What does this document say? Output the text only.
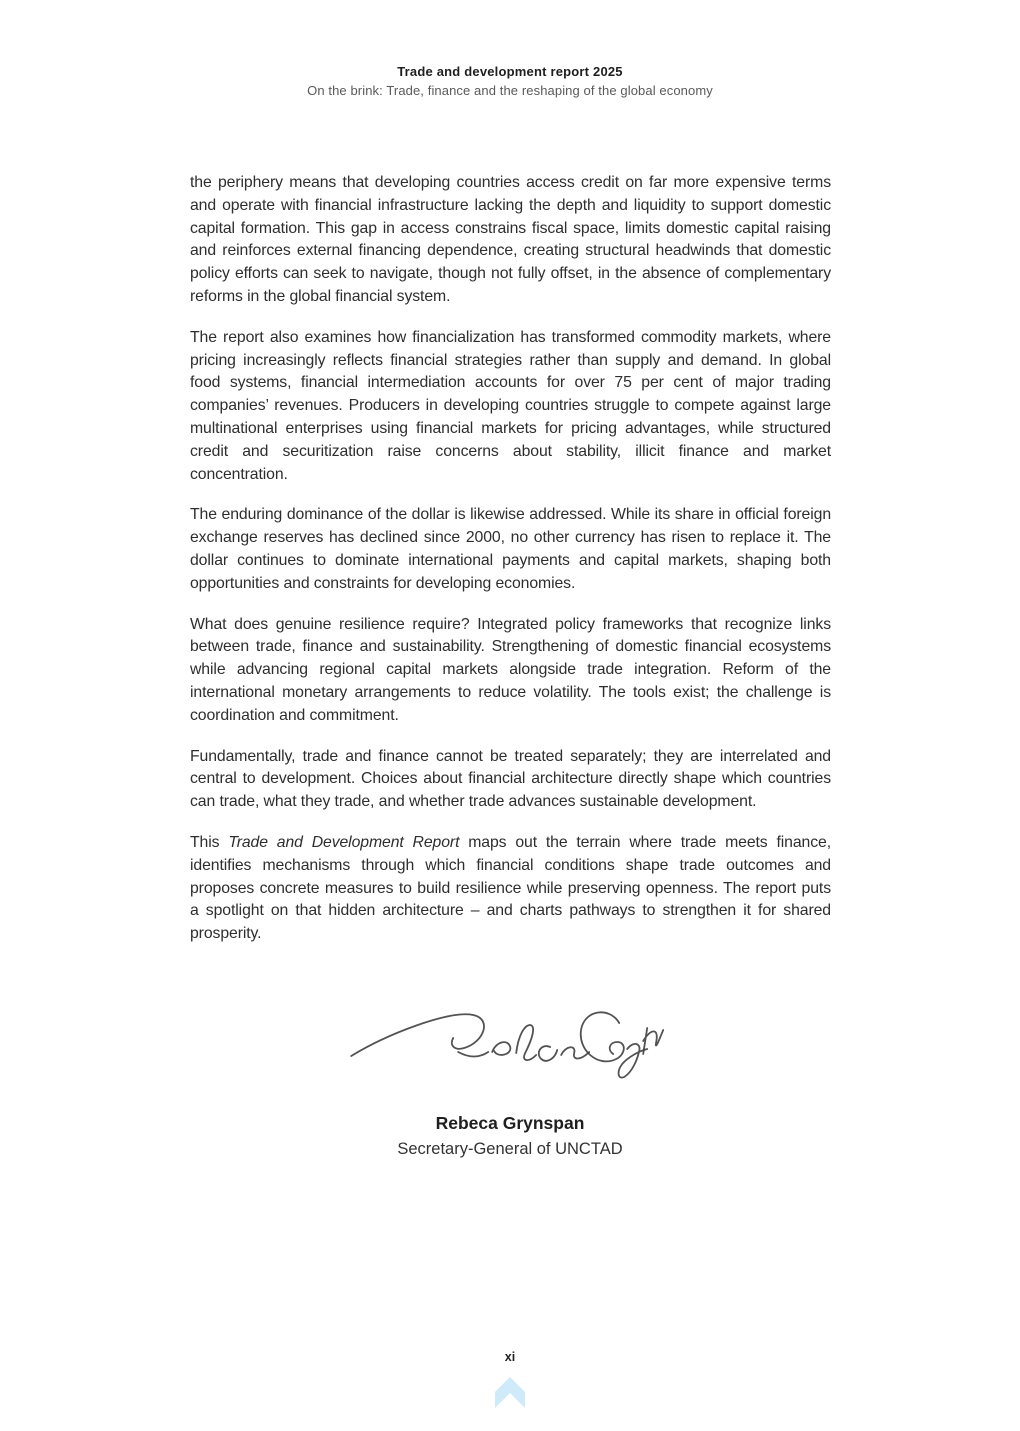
Trade and development report 2025
On the brink: Trade, finance and the reshaping of the global economy

the periphery means that developing countries access credit on far more expensive terms and operate with financial infrastructure lacking the depth and liquidity to support domestic capital formation. This gap in access constrains fiscal space, limits domestic capital raising and reinforces external financing dependence, creating structural headwinds that domestic policy efforts can seek to navigate, though not fully offset, in the absence of complementary reforms in the global financial system.

The report also examines how financialization has transformed commodity markets, where pricing increasingly reflects financial strategies rather than supply and demand. In global food systems, financial intermediation accounts for over 75 per cent of major trading companies’ revenues. Producers in developing countries struggle to compete against large multinational enterprises using financial markets for pricing advantages, while structured credit and securitization raise concerns about stability, illicit finance and market concentration.

The enduring dominance of the dollar is likewise addressed. While its share in official foreign exchange reserves has declined since 2000, no other currency has risen to replace it. The dollar continues to dominate international payments and capital markets, shaping both opportunities and constraints for developing economies.

What does genuine resilience require? Integrated policy frameworks that recognize links between trade, finance and sustainability. Strengthening of domestic financial ecosystems while advancing regional capital markets alongside trade integration. Reform of the international monetary arrangements to reduce volatility. The tools exist; the challenge is coordination and commitment.

Fundamentally, trade and finance cannot be treated separately; they are interrelated and central to development. Choices about financial architecture directly shape which countries can trade, what they trade, and whether trade advances sustainable development.

This Trade and Development Report maps out the terrain where trade meets finance, identifies mechanisms through which financial conditions shape trade outcomes and proposes concrete measures to build resilience while preserving openness. The report puts a spotlight on that hidden architecture – and charts pathways to strengthen it for shared prosperity.

Rebeca Grynspan
Secretary-General of UNCTAD
xi
